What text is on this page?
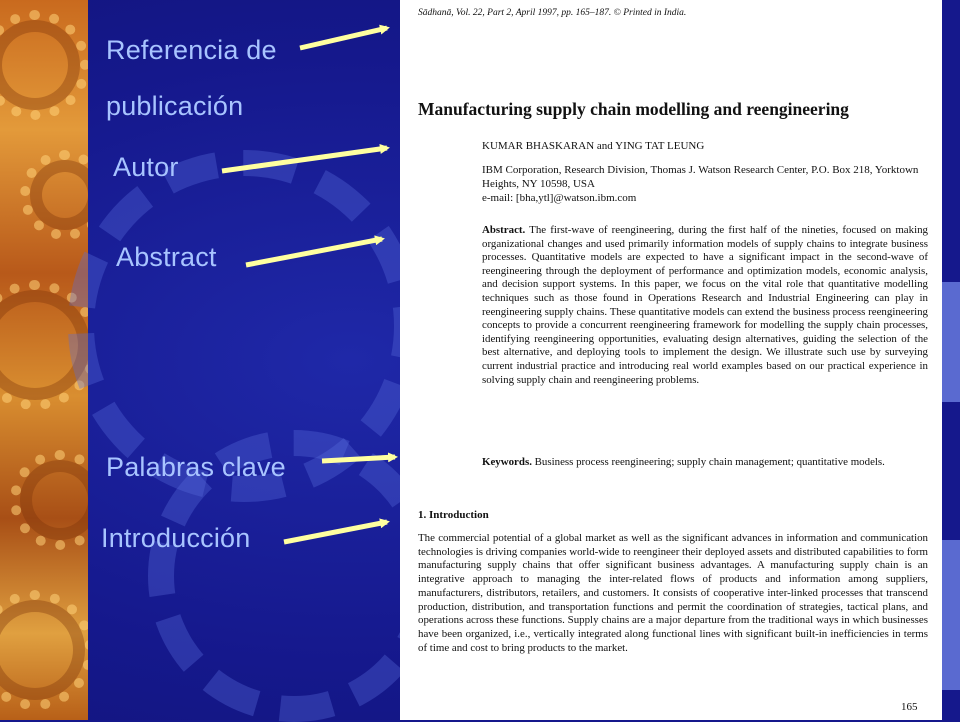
Referencia de
publicación
Autor
Abstract
Palabras clave
Introducción
Sādhanā, Vol. 22, Part 2, April 1997, pp. 165–187. © Printed in India.
Manufacturing supply chain modelling and reengineering
KUMAR BHASKARAN and YING TAT LEUNG
IBM Corporation, Research Division, Thomas J. Watson Research Center, P.O. Box 218, Yorktown Heights, NY 10598, USA
e-mail: [bha,ytl]@watson.ibm.com
Abstract. The first-wave of reengineering, during the first half of the nineties, focused on making organizational changes and used primarily information models of supply chains to integrate business processes. Quantitative models are expected to have a significant impact in the second-wave of reengineering through the deployment of performance and optimization models, economic analysis, and decision support systems. In this paper, we focus on the vital role that quantitative modelling techniques such as those found in Operations Research and Industrial Engineering can play in reengineering supply chains. These quantitative models can extend the business process reengineering concepts to provide a concurrent reengineering framework for modelling the supply chain processes, identifying reengineering opportunities, evaluating design alternatives, guiding the selection of the best alternative, and deploying tools to implement the design. We illustrate such use by surveying current industrial practice and introducing real world examples based on our practical experience in solving supply chain and reengineering problems.
Keywords. Business process reengineering; supply chain management; quantitative models.
1. Introduction
The commercial potential of a global market as well as the significant advances in information and communication technologies is driving companies world-wide to reengineer their deployed assets and distributed capabilities to form manufacturing supply chains that offer significant business advantages. A manufacturing supply chain is an integrative approach to managing the inter-related flows of products and information among suppliers, manufacturers, distributors, retailers, and customers. It consists of cooperative inter-linked processes that transcend production, distribution, and transportation functions and permit the coordination of strategies, tactical plans, and operations across these functions. Supply chains are a major departure from the traditional ways in which businesses have been organized, i.e., vertically integrated along functional lines with significant built-in inefficiencies in terms of time and cost to bring products to the market.
165
